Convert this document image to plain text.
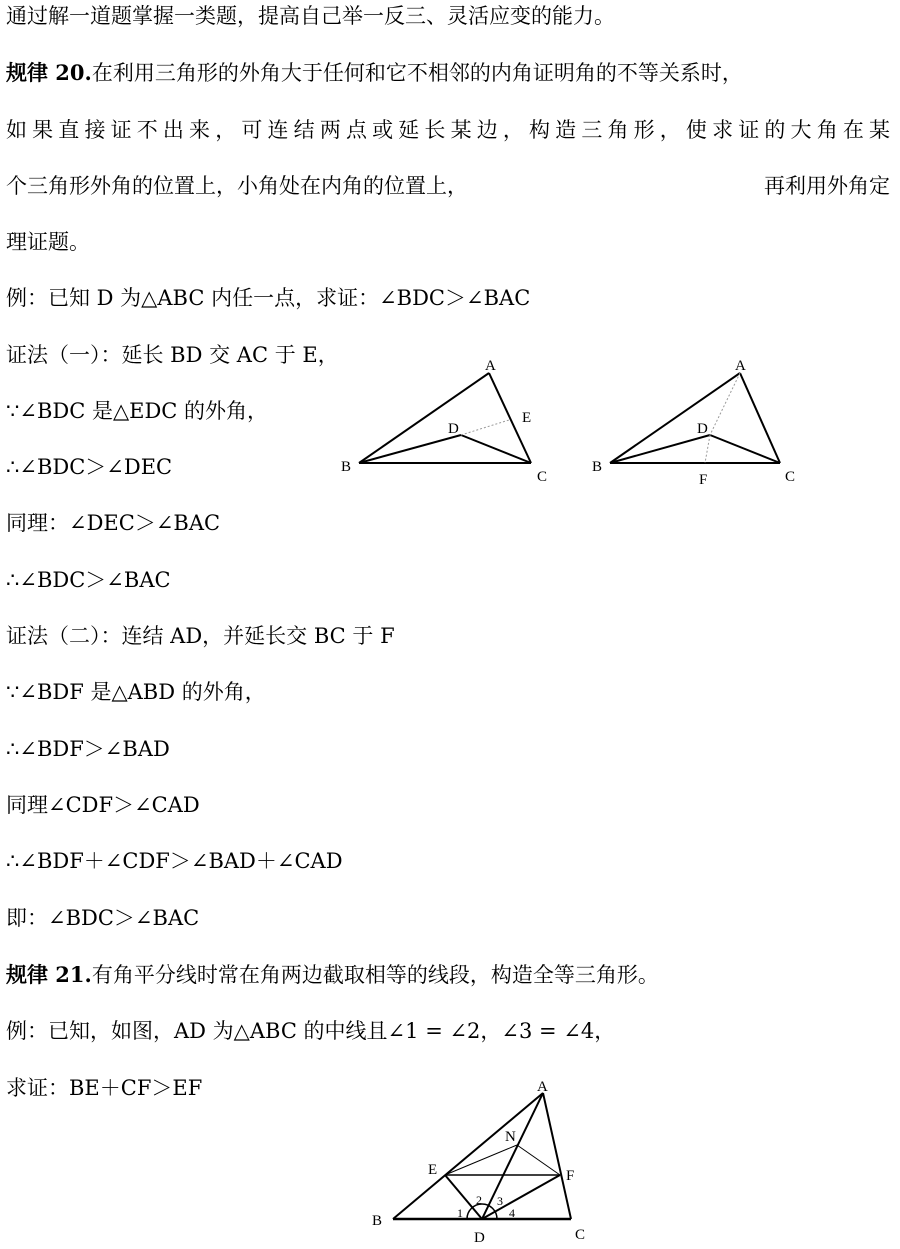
通过解一道题掌握一类题，提高自己举一反三、灵活应变的能力。
规律 20.在利用三角形的外角大于任何和它不相邻的内角证明角的不等关系时，
如果直接证不出来，可连结两点或延长某边，构造三角形，使求证的大角在某
个三角形外角的位置上，小角处在内角的位置上，	再利用外角定
理证题。
例：已知 D 为△ABC 内任一点，求证：∠BDC＞∠BAC
证法（一）：延长 BD 交 AC 于 E，
∵∠BDC 是△EDC 的外角，
∴∠BDC＞∠DEC
同理：∠DEC＞∠BAC
∴∠BDC＞∠BAC
证法（二）：连结 AD，并延长交 BC 于 F
∵∠BDF 是△ABD 的外角，
∴∠BDF＞∠BAD
同理∠CDF＞∠CAD
∴∠BDF＋∠CDF＞∠BAD＋∠CAD
即：∠BDC＞∠BAC
规律 21.有角平分线时常在角两边截取相等的线段，构造全等三角形。
例：已知，如图，AD 为△ABC 的中线且∠1 = ∠2，∠3 = ∠4，
求证：BE＋CF＞EF
A
B
C
D
E
A
B
C
D
F
A
B
C
D
E	F
N
1
2 3
4
